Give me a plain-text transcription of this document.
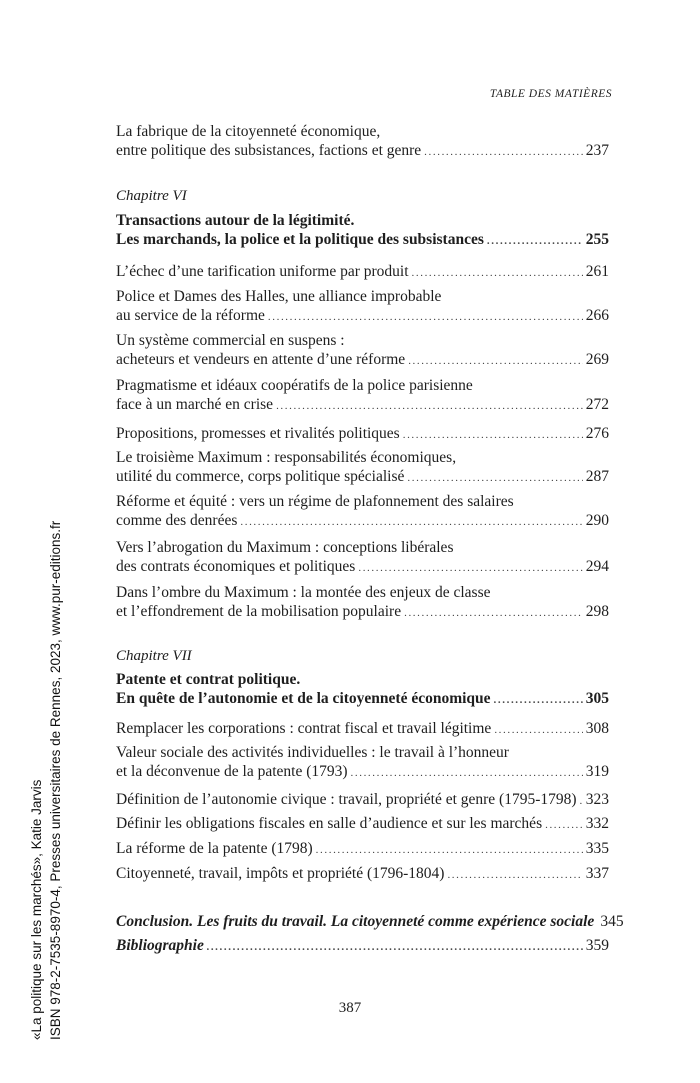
TABLE DES MATIÈRES
La fabrique de la citoyenneté économique,
entre politique des subsistances, factions et genre .....	237
Chapitre VI
Transactions autour de la légitimité.
Les marchands, la police et la politique des subsistances .....	255
L’échec d’une tarification uniforme par produit .....	261
Police et Dames des Halles, une alliance improbable
au service de la réforme .....	266
Un système commercial en suspens :
acheteurs et vendeurs en attente d’une réforme .....	269
Pragmatisme et idéaux coopératifs de la police parisienne
face à un marché en crise .....	272
Propositions, promesses et rivalités politiques .....	276
Le troisième Maximum : responsabilités économiques,
utilité du commerce, corps politique spécialisé .....	287
Réforme et équité : vers un régime de plafonnement des salaires
comme des denrées .....	290
Vers l’abrogation du Maximum : conceptions libérales
des contrats économiques et politiques .....	294
Dans l’ombre du Maximum : la montée des enjeux de classe
et l’effondrement de la mobilisation populaire .....	298
Chapitre VII
Patente et contrat politique.
En quête de l’autonomie et de la citoyenneté économique .....	305
Remplacer les corporations : contrat fiscal et travail légitime .....	308
Valeur sociale des activités individuelles : le travail à l’honneur
et la déconvenue de la patente (1793) .....	319
Définition de l’autonomie civique : travail, propriété et genre (1795-1798) ..... 323
Définir les obligations fiscales en salle d’audience et sur les marchés .....	332
La réforme de la patente (1798) .....	335
Citoyenneté, travail, impôts et propriété (1796-1804) .....	337
Conclusion. Les fruits du travail. La citoyenneté comme expérience sociale 345
Bibliographie .....	359
387
«La politique sur les marchés», Katie Jarvis ISBN 978-2-7535-8970-4, Presses universitaires de Rennes, 2023, www.pur-editions.fr
